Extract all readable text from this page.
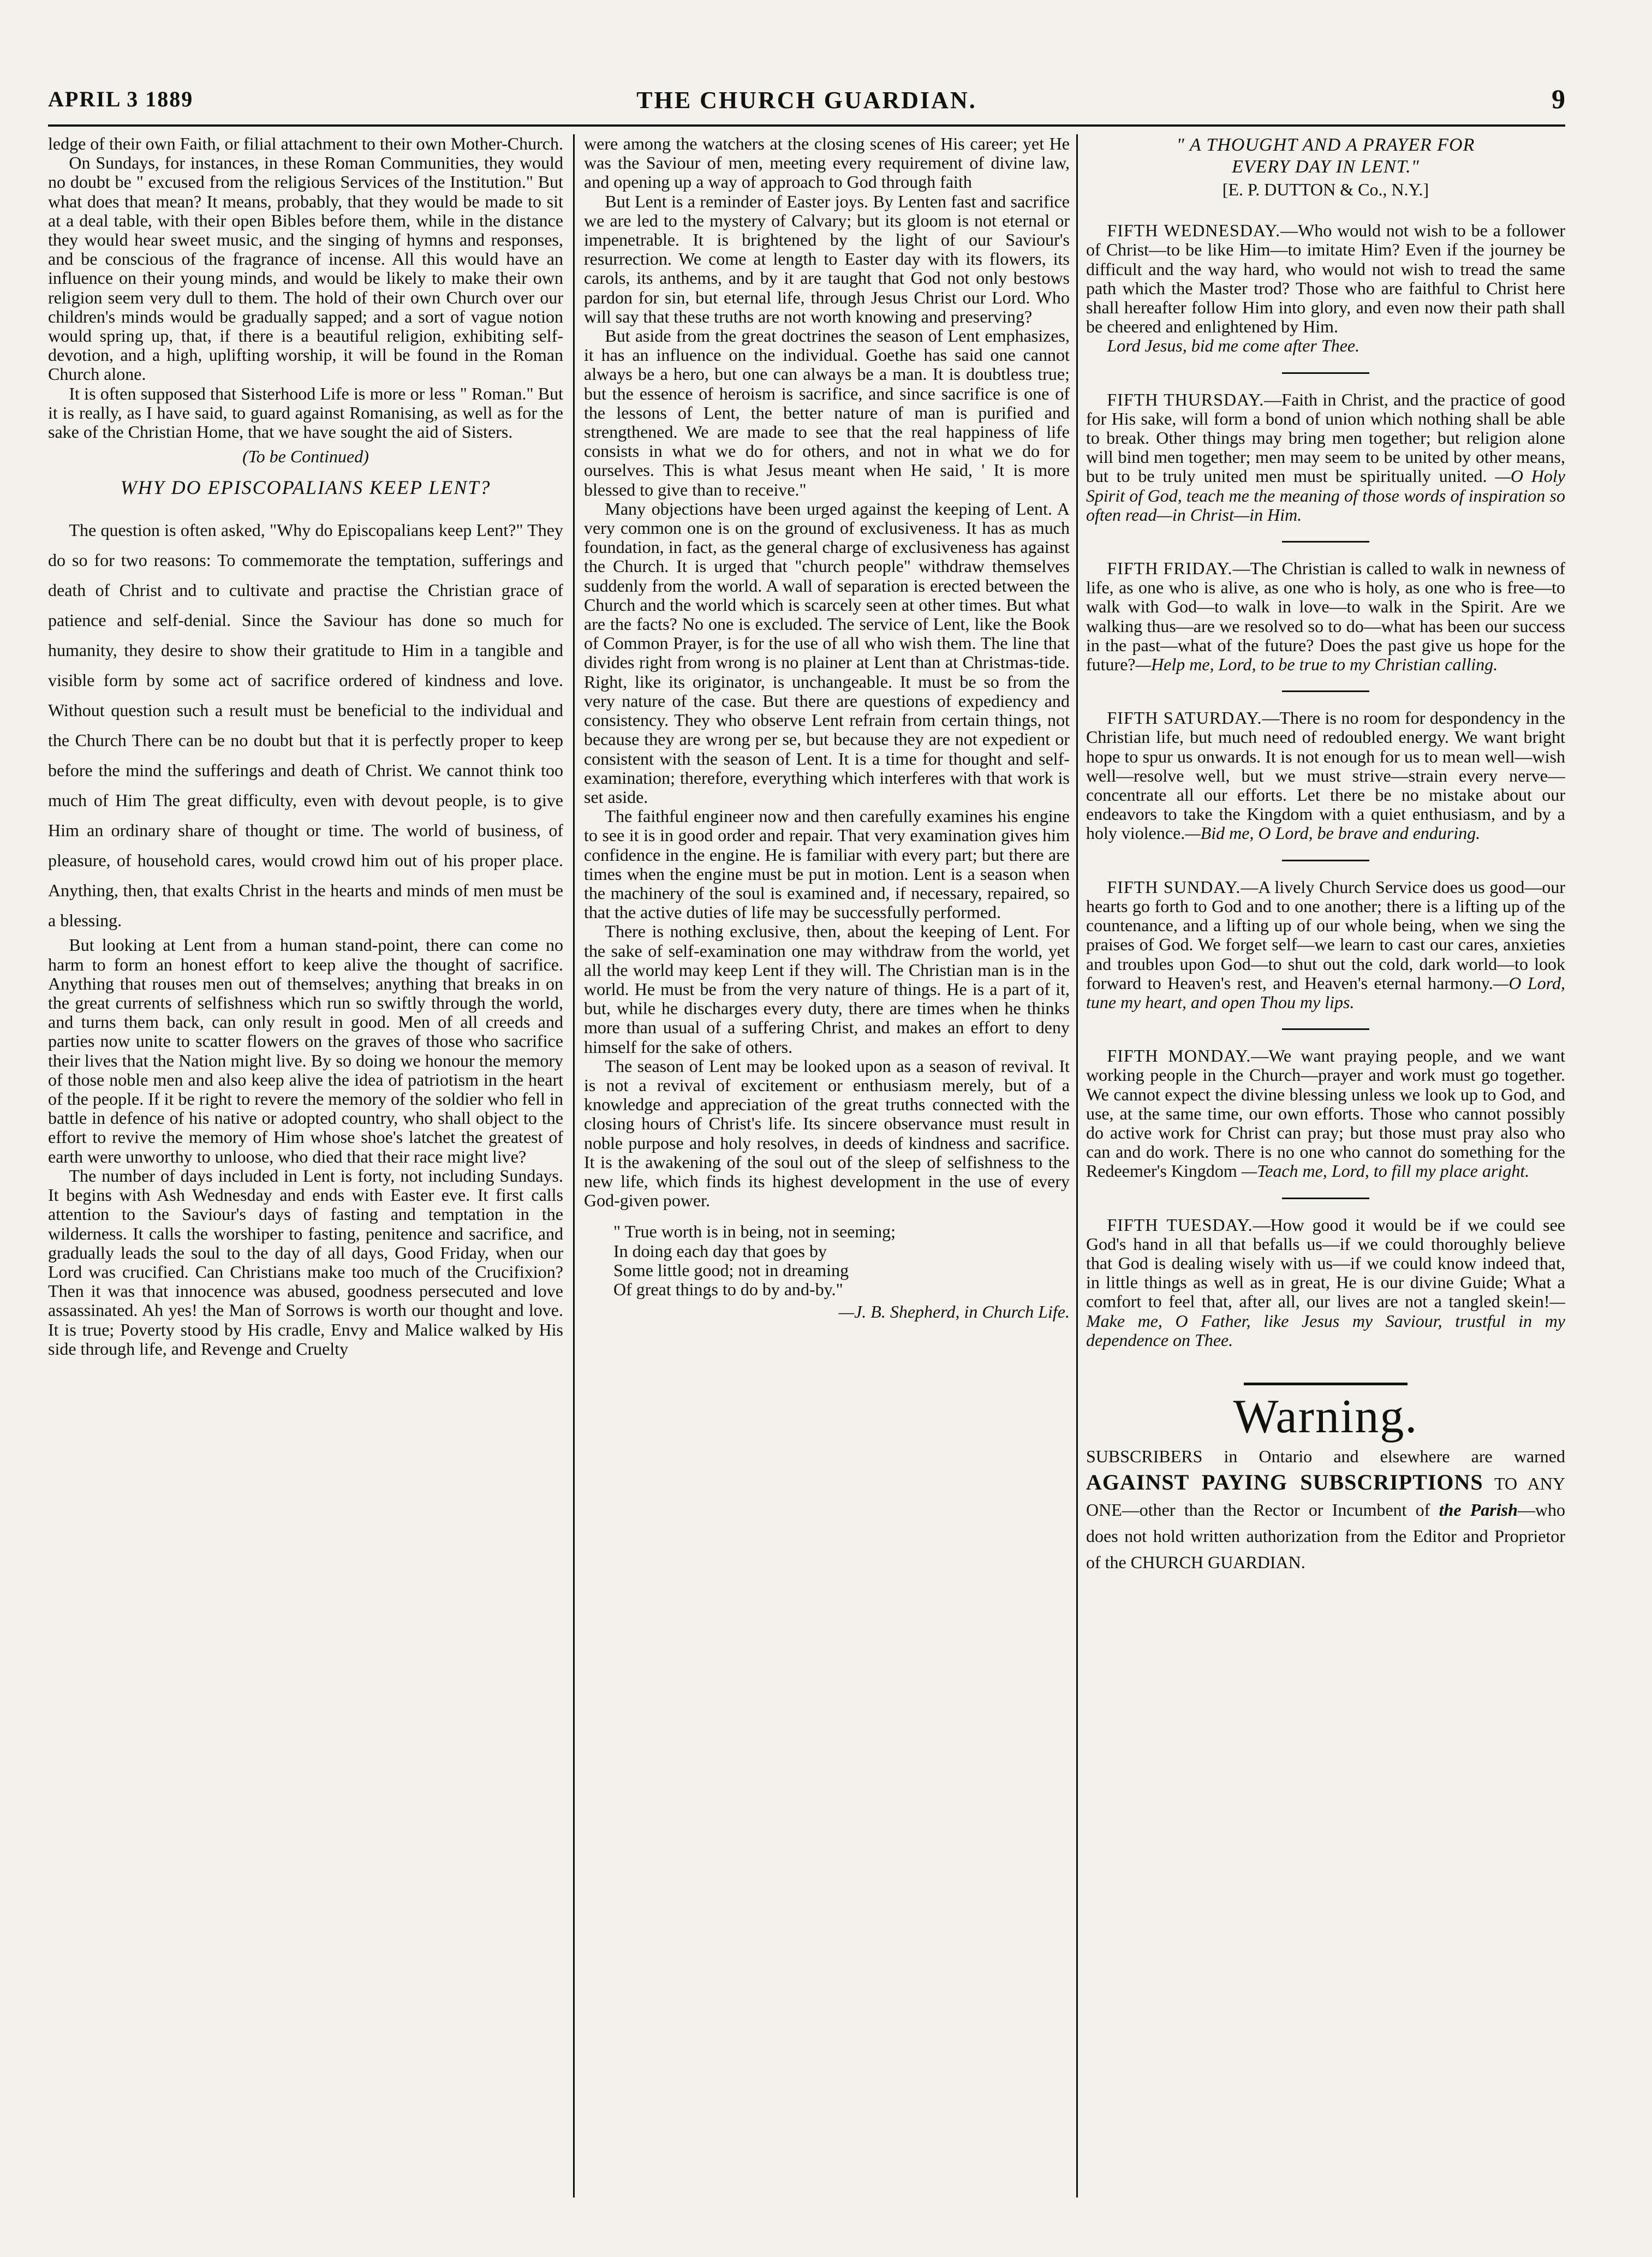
APRIL 3 1889	THE CHURCH GUARDIAN.	9

ledge of their own Faith, or filial attachment to their own Mother-Church.

On Sundays, for instances, in these Roman Communities, they would no doubt be " excused from the religious Services of the Institution." But what does that mean? It means, probably, that they would be made to sit at a deal table, with their open Bibles before them, while in the distance they would hear sweet music, and the singing of hymns and responses, and be conscious of the fragrance of incense. All this would have an influence on their young minds, and would be likely to make their own religion seem very dull to them. The hold of their own Church over our children's minds would be gradually sapped; and a sort of vague notion would spring up, that, if there is a beautiful religion, exhibiting self-devotion, and a high, uplifting worship, it will be found in the Roman Church alone.

It is often supposed that Sisterhood Life is more or less " Roman." But it is really, as I have said, to guard against Romanising, as well as for the sake of the Christian Home, that we have sought the aid of Sisters.

(To be Continued)
WHY DO EPISCOPALIANS KEEP LENT?

The question is often asked, "Why do Episcopalians keep Lent?" They do so for two reasons: To commemorate the temptation, sufferings and death of Christ and to cultivate and practise the Christian grace of patience and self-denial. Since the Saviour has done so much for humanity, they desire to show their gratitude to Him in a tangible and visible form by some act of sacrifice ordered of kindness and love. Without question such a result must be beneficial to the individual and the Church There can be no doubt but that it is perfectly proper to keep before the mind the sufferings and death of Christ. We cannot think too much of Him The great difficulty, even with devout people, is to give Him an ordinary share of thought or time. The world of business, of pleasure, of household cares, would crowd him out of his proper place. Anything, then, that exalts Christ in the hearts and minds of men must be a blessing.

But looking at Lent from a human stand-point, there can come no harm to form an honest effort to keep alive the thought of sacrifice. Anything that rouses men out of themselves; anything that breaks in on the great currents of selfishness which run so swiftly through the world, and turns them back, can only result in good. Men of all creeds and parties now unite to scatter flowers on the graves of those who sacrifice their lives that the Nation might live. By so doing we honour the memory of those noble men and also keep alive the idea of patriotism in the heart of the people. If it be right to revere the memory of the soldier who fell in battle in defence of his native or adopted country, who shall object to the effort to revive the memory of Him whose shoe's latchet the greatest of earth were unworthy to unloose, who died that their race might live?

The number of days included in Lent is forty, not including Sundays. It begins with Ash Wednesday and ends with Easter eve. It first calls attention to the Saviour's days of fasting and temptation in the wilderness. It calls the worshiper to fasting, penitence and sacrifice, and gradually leads the soul to the day of all days, Good Friday, when our Lord was crucified. Can Christians make too much of the Crucifixion? Then it was that innocence was abused, goodness persecuted and love assassinated. Ah yes! the Man of Sorrows is worth our thought and love. It is true; Poverty stood by His cradle, Envy and Malice walked by His side through life, and Revenge and Cruelty

were among the watchers at the closing scenes of His career; yet He was the Saviour of men, meeting every requirement of divine law, and opening up a way of approach to God through faith

But Lent is a reminder of Easter joys. By Lenten fast and sacrifice we are led to the mystery of Calvary; but its gloom is not eternal or impenetrable. It is brightened by the light of our Saviour's resurrection. We come at length to Easter day with its flowers, its carols, its anthems, and by it are taught that God not only bestows pardon for sin, but eternal life, through Jesus Christ our Lord. Who will say that these truths are not worth knowing and preserving?

But aside from the great doctrines the season of Lent emphasizes, it has an influence on the individual. Goethe has said one cannot always be a hero, but one can always be a man. It is doubtless true; but the essence of heroism is sacrifice, and since sacrifice is one of the lessons of Lent, the better nature of man is purified and strengthened. We are made to see that the real happiness of life consists in what we do for others, and not in what we do for ourselves. This is what Jesus meant when He said, ' It is more blessed to give than to receive."

Many objections have been urged against the keeping of Lent. A very common one is on the ground of exclusiveness. It has as much foundation, in fact, as the general charge of exclusiveness has against the Church. It is urged that "church people" withdraw themselves suddenly from the world. A wall of separation is erected between the Church and the world which is scarcely seen at other times. But what are the facts? No one is excluded. The service of Lent, like the Book of Common Prayer, is for the use of all who wish them. The line that divides right from wrong is no plainer at Lent than at Christmas-tide. Right, like its originator, is unchangeable. It must be so from the very nature of the case. But there are questions of expediency and consistency. They who observe Lent refrain from certain things, not because they are wrong per se, but because they are not expedient or consistent with the season of Lent. It is a time for thought and self-examination; therefore, everything which interferes with that work is set aside.

The faithful engineer now and then carefully examines his engine to see it is in good order and repair. That very examination gives him confidence in the engine. He is familiar with every part; but there are times when the engine must be put in motion. Lent is a season when the machinery of the soul is examined and, if necessary, repaired, so that the active duties of life may be successfully performed.

There is nothing exclusive, then, about the keeping of Lent. For the sake of self-examination one may withdraw from the world, yet all the world may keep Lent if they will. The Christian man is in the world. He must be from the very nature of things. He is a part of it, but, while he discharges every duty, there are times when he thinks more than usual of a suffering Christ, and makes an effort to deny himself for the sake of others.

The season of Lent may be looked upon as a season of revival. It is not a revival of excitement or enthusiasm merely, but of a knowledge and appreciation of the great truths connected with the closing hours of Christ's life. Its sincere observance must result in noble purpose and holy resolves, in deeds of kindness and sacrifice. It is the awakening of the soul out of the sleep of selfishness to the new life, which finds its highest development in the use of every God-given power.

" True worth is in being, not in seeming;
In doing each day that goes by
Some little good; not in dreaming
Of great things to do by and-by."
—J. B. Shepherd, in Church Life.
" A THOUGHT AND A PRAYER FOR
EVERY DAY IN LENT."
[E. P. DUTTON & Co., N.Y.]

FIFTH WEDNESDAY.—Who would not wish to be a follower of Christ—to be like Him—to imitate Him? Even if the journey be difficult and the way hard, who would not wish to tread the same path which the Master trod? Those who are faithful to Christ here shall hereafter follow Him into glory, and even now their path shall be cheered and enlightened by Him.

Lord Jesus, bid me come after Thee.

FIFTH THURSDAY.—Faith in Christ, and the practice of good for His sake, will form a bond of union which nothing shall be able to break. Other things may bring men together; but religion alone will bind men together; men may seem to be united by other means, but to be truly united men must be spiritually united. —O Holy Spirit of God, teach me the meaning of those words of inspiration so often read—in Christ—in Him.

FIFTH FRIDAY.—The Christian is called to walk in newness of life, as one who is alive, as one who is holy, as one who is free—to walk with God—to walk in love—to walk in the Spirit. Are we walking thus—are we resolved so to do—what has been our success in the past—what of the future? Does the past give us hope for the future?—Help me, Lord, to be true to my Christian calling.

FIFTH SATURDAY.—There is no room for despondency in the Christian life, but much need of redoubled energy. We want bright hope to spur us onwards. It is not enough for us to mean well—wish well—resolve well, but we must strive—strain every nerve—concentrate all our efforts. Let there be no mistake about our endeavors to take the Kingdom with a quiet enthusiasm, and by a holy violence.—Bid me, O Lord, be brave and enduring.

FIFTH SUNDAY.—A lively Church Service does us good—our hearts go forth to God and to one another; there is a lifting up of the countenance, and a lifting up of our whole being, when we sing the praises of God. We forget self—we learn to cast our cares, anxieties and troubles upon God—to shut out the cold, dark world—to look forward to Heaven's rest, and Heaven's eternal harmony.—O Lord, tune my heart, and open Thou my lips.

FIFTH MONDAY.—We want praying people, and we want working people in the Church—prayer and work must go together. We cannot expect the divine blessing unless we look up to God, and use, at the same time, our own efforts. Those who cannot possibly do active work for Christ can pray; but those must pray also who can and do work. There is no one who cannot do something for the Redeemer's Kingdom —Teach me, Lord, to fill my place aright.

FIFTH TUESDAY.—How good it would be if we could see God's hand in all that befalls us—if we could thoroughly believe that God is dealing wisely with us—if we could know indeed that, in little things as well as in great, He is our divine Guide; What a comfort to feel that, after all, our lives are not a tangled skein!—Make me, O Father, like Jesus my Saviour, trustful in my dependence on Thee.

Warning.
SUBSCRIBERS in Ontario and elsewhere are warned AGAINST PAYING SUBSCRIPTIONS TO ANY ONE—other than the Rector or Incumbent of the Parish—who does not hold written authorization from the Editor and Proprietor of the CHURCH GUARDIAN.
